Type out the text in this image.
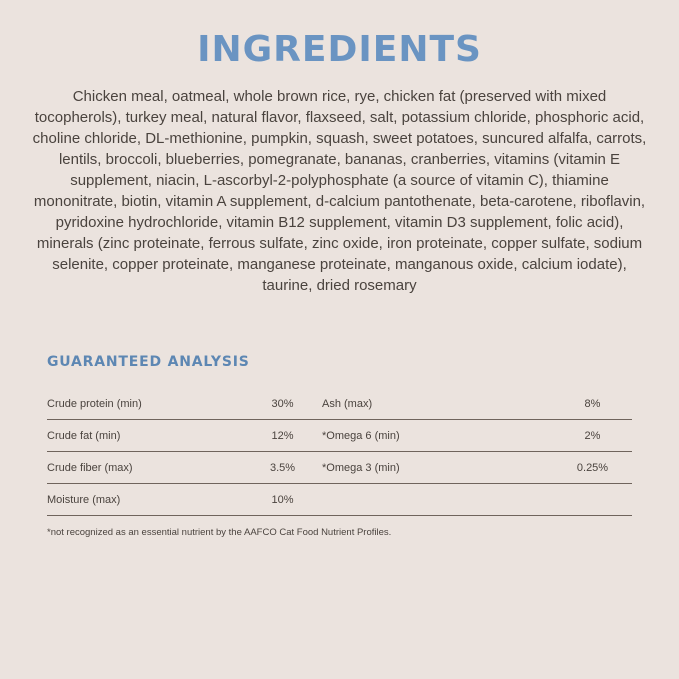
INGREDIENTS

Chicken meal, oatmeal, whole brown rice, rye, chicken fat (preserved with mixed tocopherols), turkey meal, natural flavor, flaxseed, salt, potassium chloride, phosphoric acid, choline chloride, DL-methionine, pumpkin, squash, sweet potatoes, suncured alfalfa, carrots, lentils, broccoli, blueberries, pomegranate, bananas, cranberries, vitamins (vitamin E supplement, niacin, L-ascorbyl-2-polyphosphate (a source of vitamin C), thiamine mononitrate, biotin, vitamin A supplement, d-calcium pantothenate, beta-carotene, riboflavin, pyridoxine hydrochloride, vitamin B12 supplement, vitamin D3 supplement, folic acid), minerals (zinc proteinate, ferrous sulfate, zinc oxide, iron proteinate, copper sulfate, sodium selenite, copper proteinate, manganese proteinate, manganous oxide, calcium iodate), taurine, dried rosemary

GUARANTEED ANALYSIS
Crude protein (min)	30%	Ash (max)	8%
Crude fat (min)	12%	*Omega 6 (min)	2%
Crude fiber (max)	3.5%	*Omega 3 (min)	0.25%
Moisture (max)	10%

*not recognized as an essential nutrient by the AAFCO Cat Food Nutrient Profiles.
